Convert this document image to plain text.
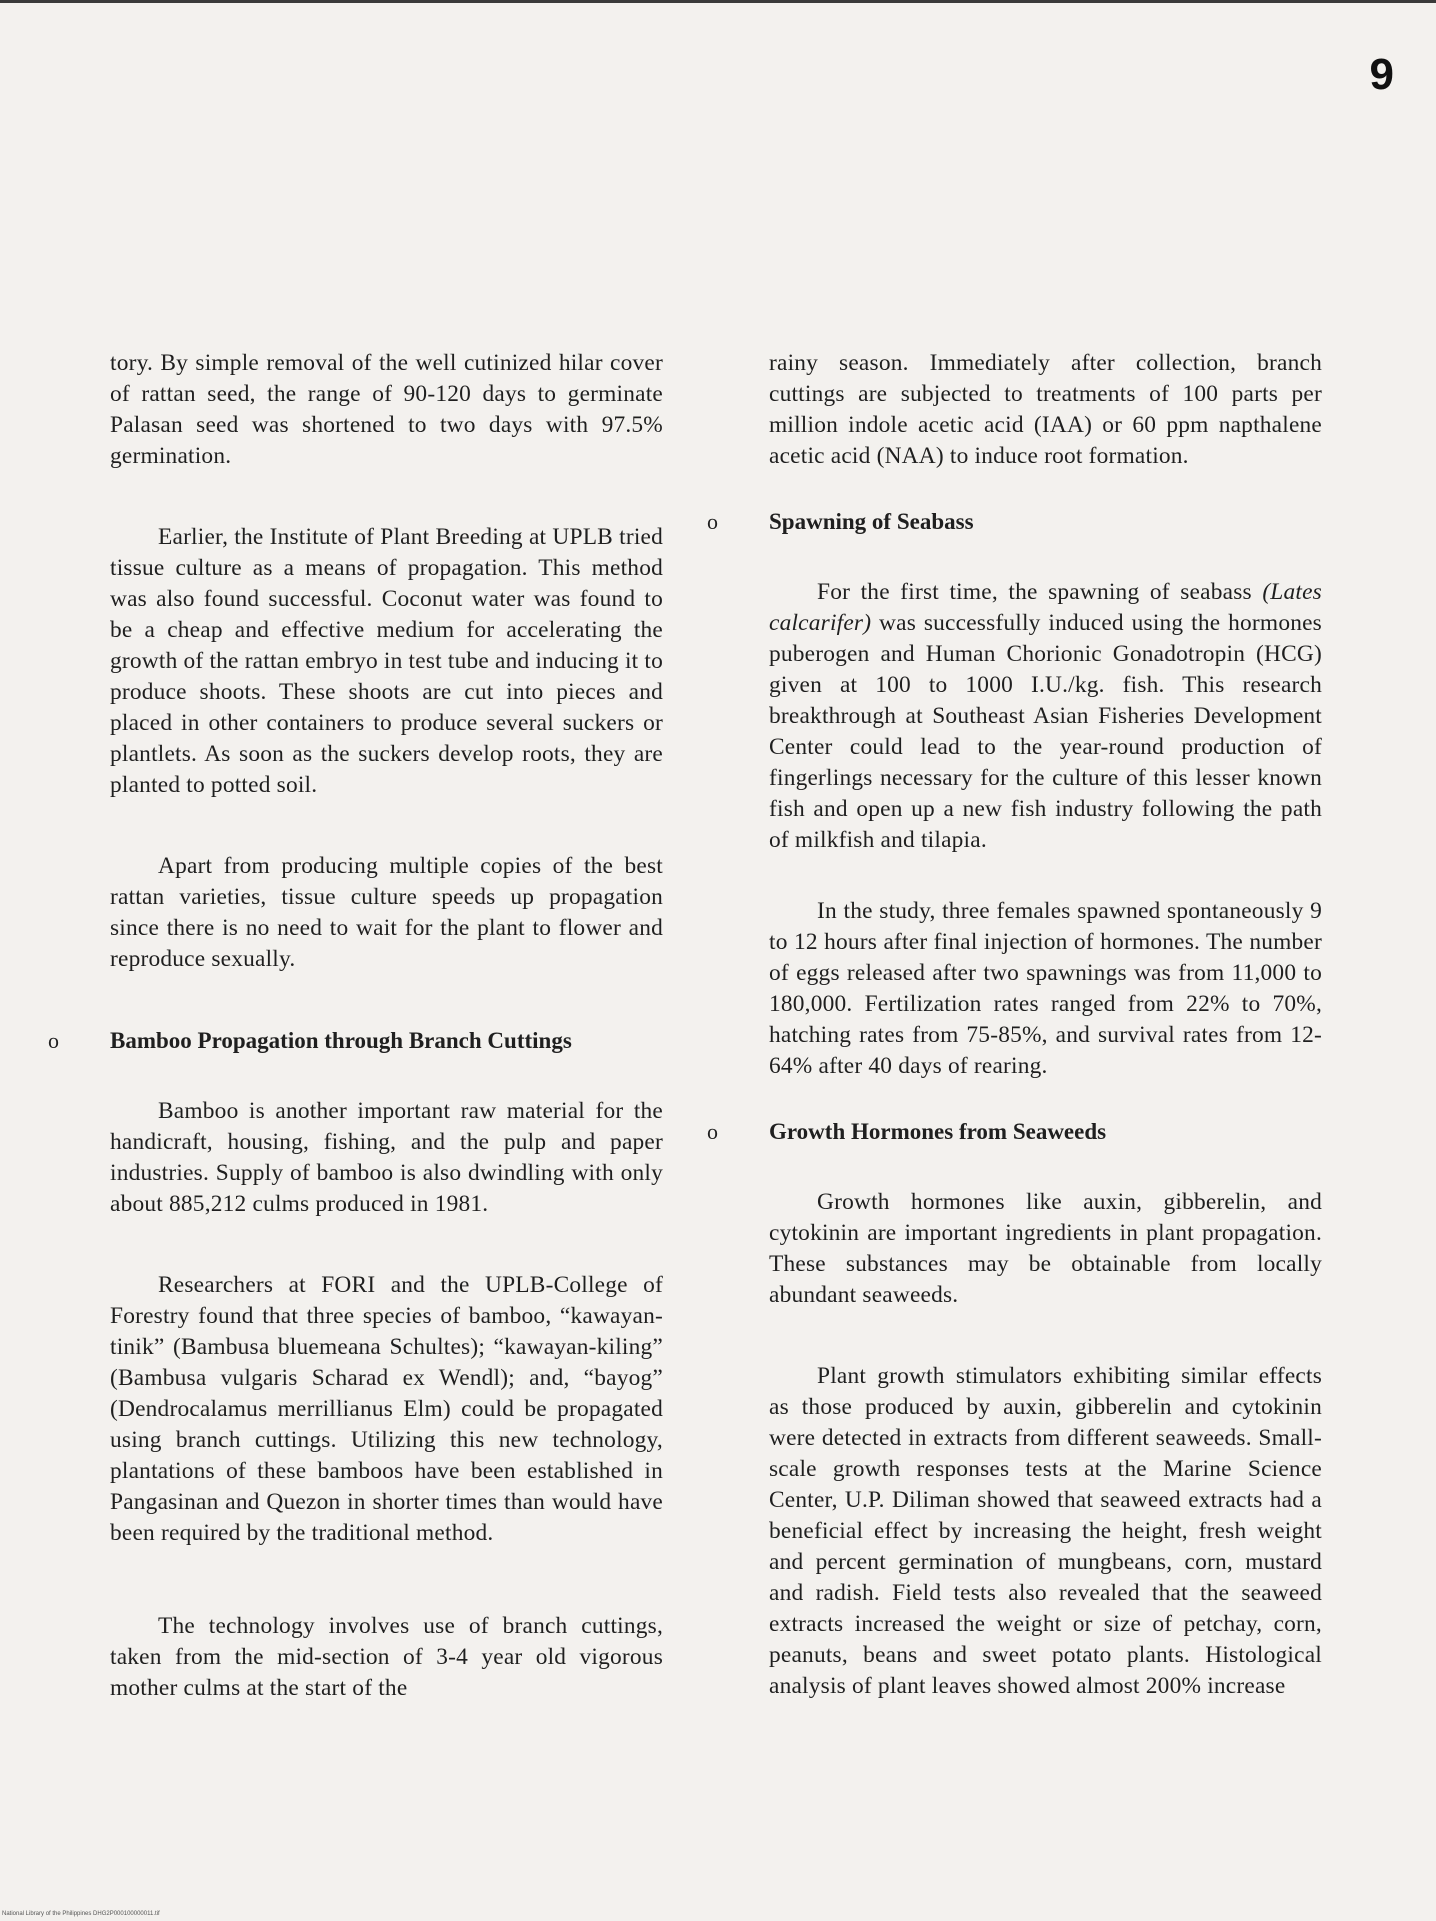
9

tory. By simple removal of the well cutinized hilar cover of rattan seed, the range of 90-120 days to germinate Palasan seed was shortened to two days with 97.5% germination.

Earlier, the Institute of Plant Breeding at UPLB tried tissue culture as a means of propagation. This method was also found successful. Coconut water was found to be a cheap and effective medium for accelerating the growth of the rattan embryo in test tube and inducing it to produce shoots. These shoots are cut into pieces and placed in other containers to produce several suckers or plantlets. As soon as the suckers develop roots, they are planted to potted soil.

Apart from producing multiple copies of the best rattan varieties, tissue culture speeds up propagation since there is no need to wait for the plant to flower and reproduce sexually.

o Bamboo Propagation through Branch Cuttings

Bamboo is another important raw material for the handicraft, housing, fishing, and the pulp and paper industries. Supply of bamboo is also dwindling with only about 885,212 culms produced in 1981.

Researchers at FORI and the UPLB-College of Forestry found that three species of bamboo, “kawayan-tinik” (Bambusa bluemeana Schultes); “kawayan-kiling” (Bambusa vulgaris Scharad ex Wendl); and, “bayog” (Dendrocalamus merrillianus Elm) could be propagated using branch cuttings. Utilizing this new technology, plantations of these bamboos have been established in Pangasinan and Quezon in shorter times than would have been required by the traditional method.

The technology involves use of branch cuttings, taken from the mid-section of 3-4 year old vigorous mother culms at the start of the

rainy season. Immediately after collection, branch cuttings are subjected to treatments of 100 parts per million indole acetic acid (IAA) or 60 ppm napthalene acetic acid (NAA) to induce root formation.

o Spawning of Seabass

For the first time, the spawning of seabass (Lates calcarifer) was successfully induced using the hormones puberogen and Human Chorionic Gonadotropin (HCG) given at 100 to 1000 I.U./kg. fish. This research breakthrough at Southeast Asian Fisheries Development Center could lead to the year-round production of fingerlings necessary for the culture of this lesser known fish and open up a new fish industry following the path of milkfish and tilapia.

In the study, three females spawned spontaneously 9 to 12 hours after final injection of hormones. The number of eggs released after two spawnings was from 11,000 to 180,000. Fertilization rates ranged from 22% to 70%, hatching rates from 75-85%, and survival rates from 12-64% after 40 days of rearing.

o Growth Hormones from Seaweeds

Growth hormones like auxin, gibberelin, and cytokinin are important ingredients in plant propagation. These substances may be obtainable from locally abundant seaweeds.

Plant growth stimulators exhibiting similar effects as those produced by auxin, gibberelin and cytokinin were detected in extracts from different seaweeds. Small-scale growth responses tests at the Marine Science Center, U.P. Diliman showed that seaweed extracts had a beneficial effect by increasing the height, fresh weight and percent germination of mungbeans, corn, mustard and radish. Field tests also revealed that the seaweed extracts increased the weight or size of petchay, corn, peanuts, beans and sweet potato plants. Histological analysis of plant leaves showed almost 200% increase

National Library of the Philippines DHG2P000100000011.tif
